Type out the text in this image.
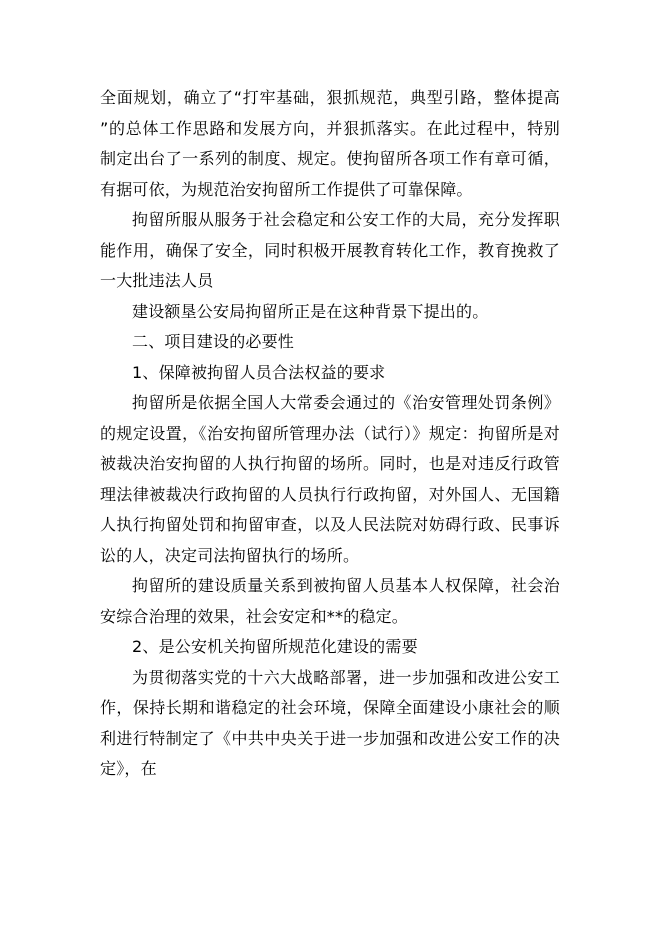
全面规划，确立了“打牢基础，狠抓规范，典型引路，整体提高 ”的总体工作思路和发展方向，并狠抓落实。在此过程中，特别制定出台了一系列的制度、规定。使拘留所各项工作有章可循，有据可依，为规范治安拘留所工作提供了可靠保障。

拘留所服从服务于社会稳定和公安工作的大局，充分发挥职能作用，确保了安全，同时积极开展教育转化工作，教育挽救了一大批违法人员

建设额垦公安局拘留所正是在这种背景下提出的。

二、项目建设的必要性

1、保障被拘留人员合法权益的要求

拘留所是依据全国人大常委会通过的《治安管理处罚条例》的规定设置，《治安拘留所管理办法（试行）》规定：拘留所是对被裁决治安拘留的人执行拘留的场所。同时，也是对违反行政管理法律被裁决行政拘留的人员执行行政拘留，对外国人、无国籍人执行拘留处罚和拘留审查，以及人民法院对妨碍行政、民事诉讼的人，决定司法拘留执行的场所。

拘留所的建设质量关系到被拘留人员基本人权保障，社会治安综合治理的效果，社会安定和**的稳定。

2、是公安机关拘留所规范化建设的需要

为贯彻落实党的十六大战略部署，进一步加强和改进公安工作，保持长期和谐稳定的社会环境，保障全面建设小康社会的顺利进行特制定了《中共中央关于进一步加强和改进公安工作的决定》，在
